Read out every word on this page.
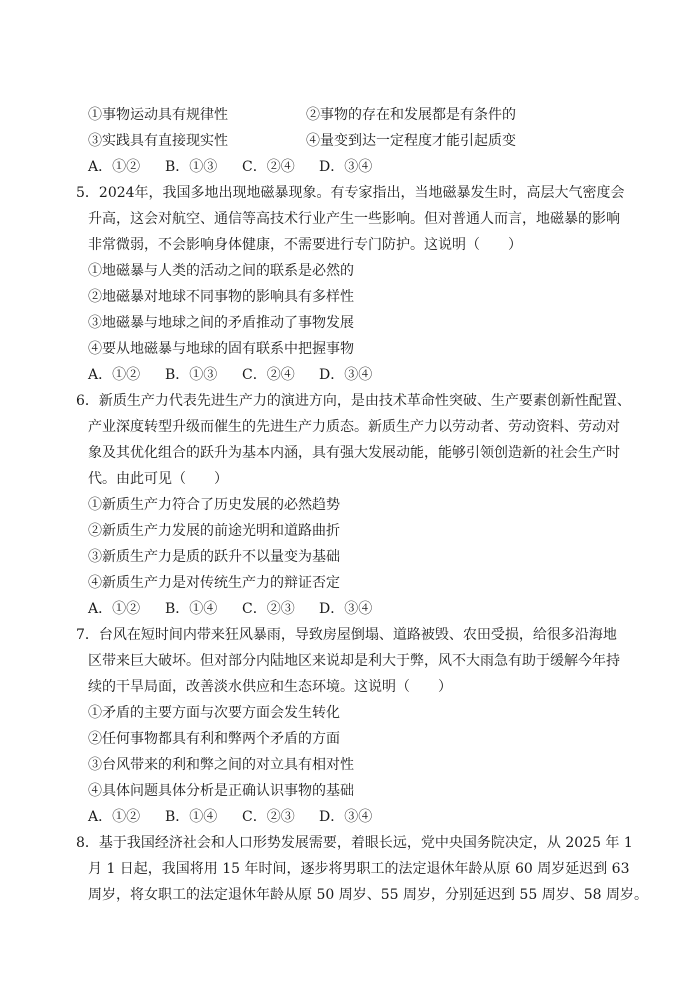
①事物运动具有规律性	②事物的存在和发展都是有条件的
③实践具有直接现实性	④量变到达一定程度才能引起质变
A．①② B．①③ C．②④ D．③④
5．2024年，我国多地出现地磁暴现象。有专家指出，当地磁暴发生时，高层大气密度会
升高，这会对航空、通信等高技术行业产生一些影响。但对普通人而言，地磁暴的影响
非常微弱，不会影响身体健康，不需要进行专门防护。这说明（　　）
①地磁暴与人类的活动之间的联系是必然的
②地磁暴对地球不同事物的影响具有多样性
③地磁暴与地球之间的矛盾推动了事物发展
④要从地磁暴与地球的固有联系中把握事物
A．①② B．①③ C．②④ D．③④
6．新质生产力代表先进生产力的演进方向，是由技术革命性突破、生产要素创新性配置、
产业深度转型升级而催生的先进生产力质态。新质生产力以劳动者、劳动资料、劳动对
象及其优化组合的跃升为基本内涵，具有强大发展动能，能够引领创造新的社会生产时
代。由此可见（　　）
①新质生产力符合了历史发展的必然趋势
②新质生产力发展的前途光明和道路曲折
③新质生产力是质的跃升不以量变为基础
④新质生产力是对传统生产力的辩证否定
A．①② B．①④ C．②③ D．③④
7．台风在短时间内带来狂风暴雨，导致房屋倒塌、道路被毁、农田受损，给很多沿海地
区带来巨大破坏。但对部分内陆地区来说却是利大于弊，风不大雨急有助于缓解今年持
续的干旱局面，改善淡水供应和生态环境。这说明（　　）
①矛盾的主要方面与次要方面会发生转化
②任何事物都具有利和弊两个矛盾的方面
③台风带来的利和弊之间的对立具有相对性
④具体问题具体分析是正确认识事物的基础
A．①② B．①④ C．②③ D．③④
8．基于我国经济社会和人口形势发展需要，着眼长远，党中央国务院决定，从 2025 年 1
月 1 日起，我国将用 15 年时间，逐步将男职工的法定退休年龄从原 60 周岁延迟到 63
周岁，将女职工的法定退休年龄从原 50 周岁、55 周岁，分别延迟到 55 周岁、58 周岁。
